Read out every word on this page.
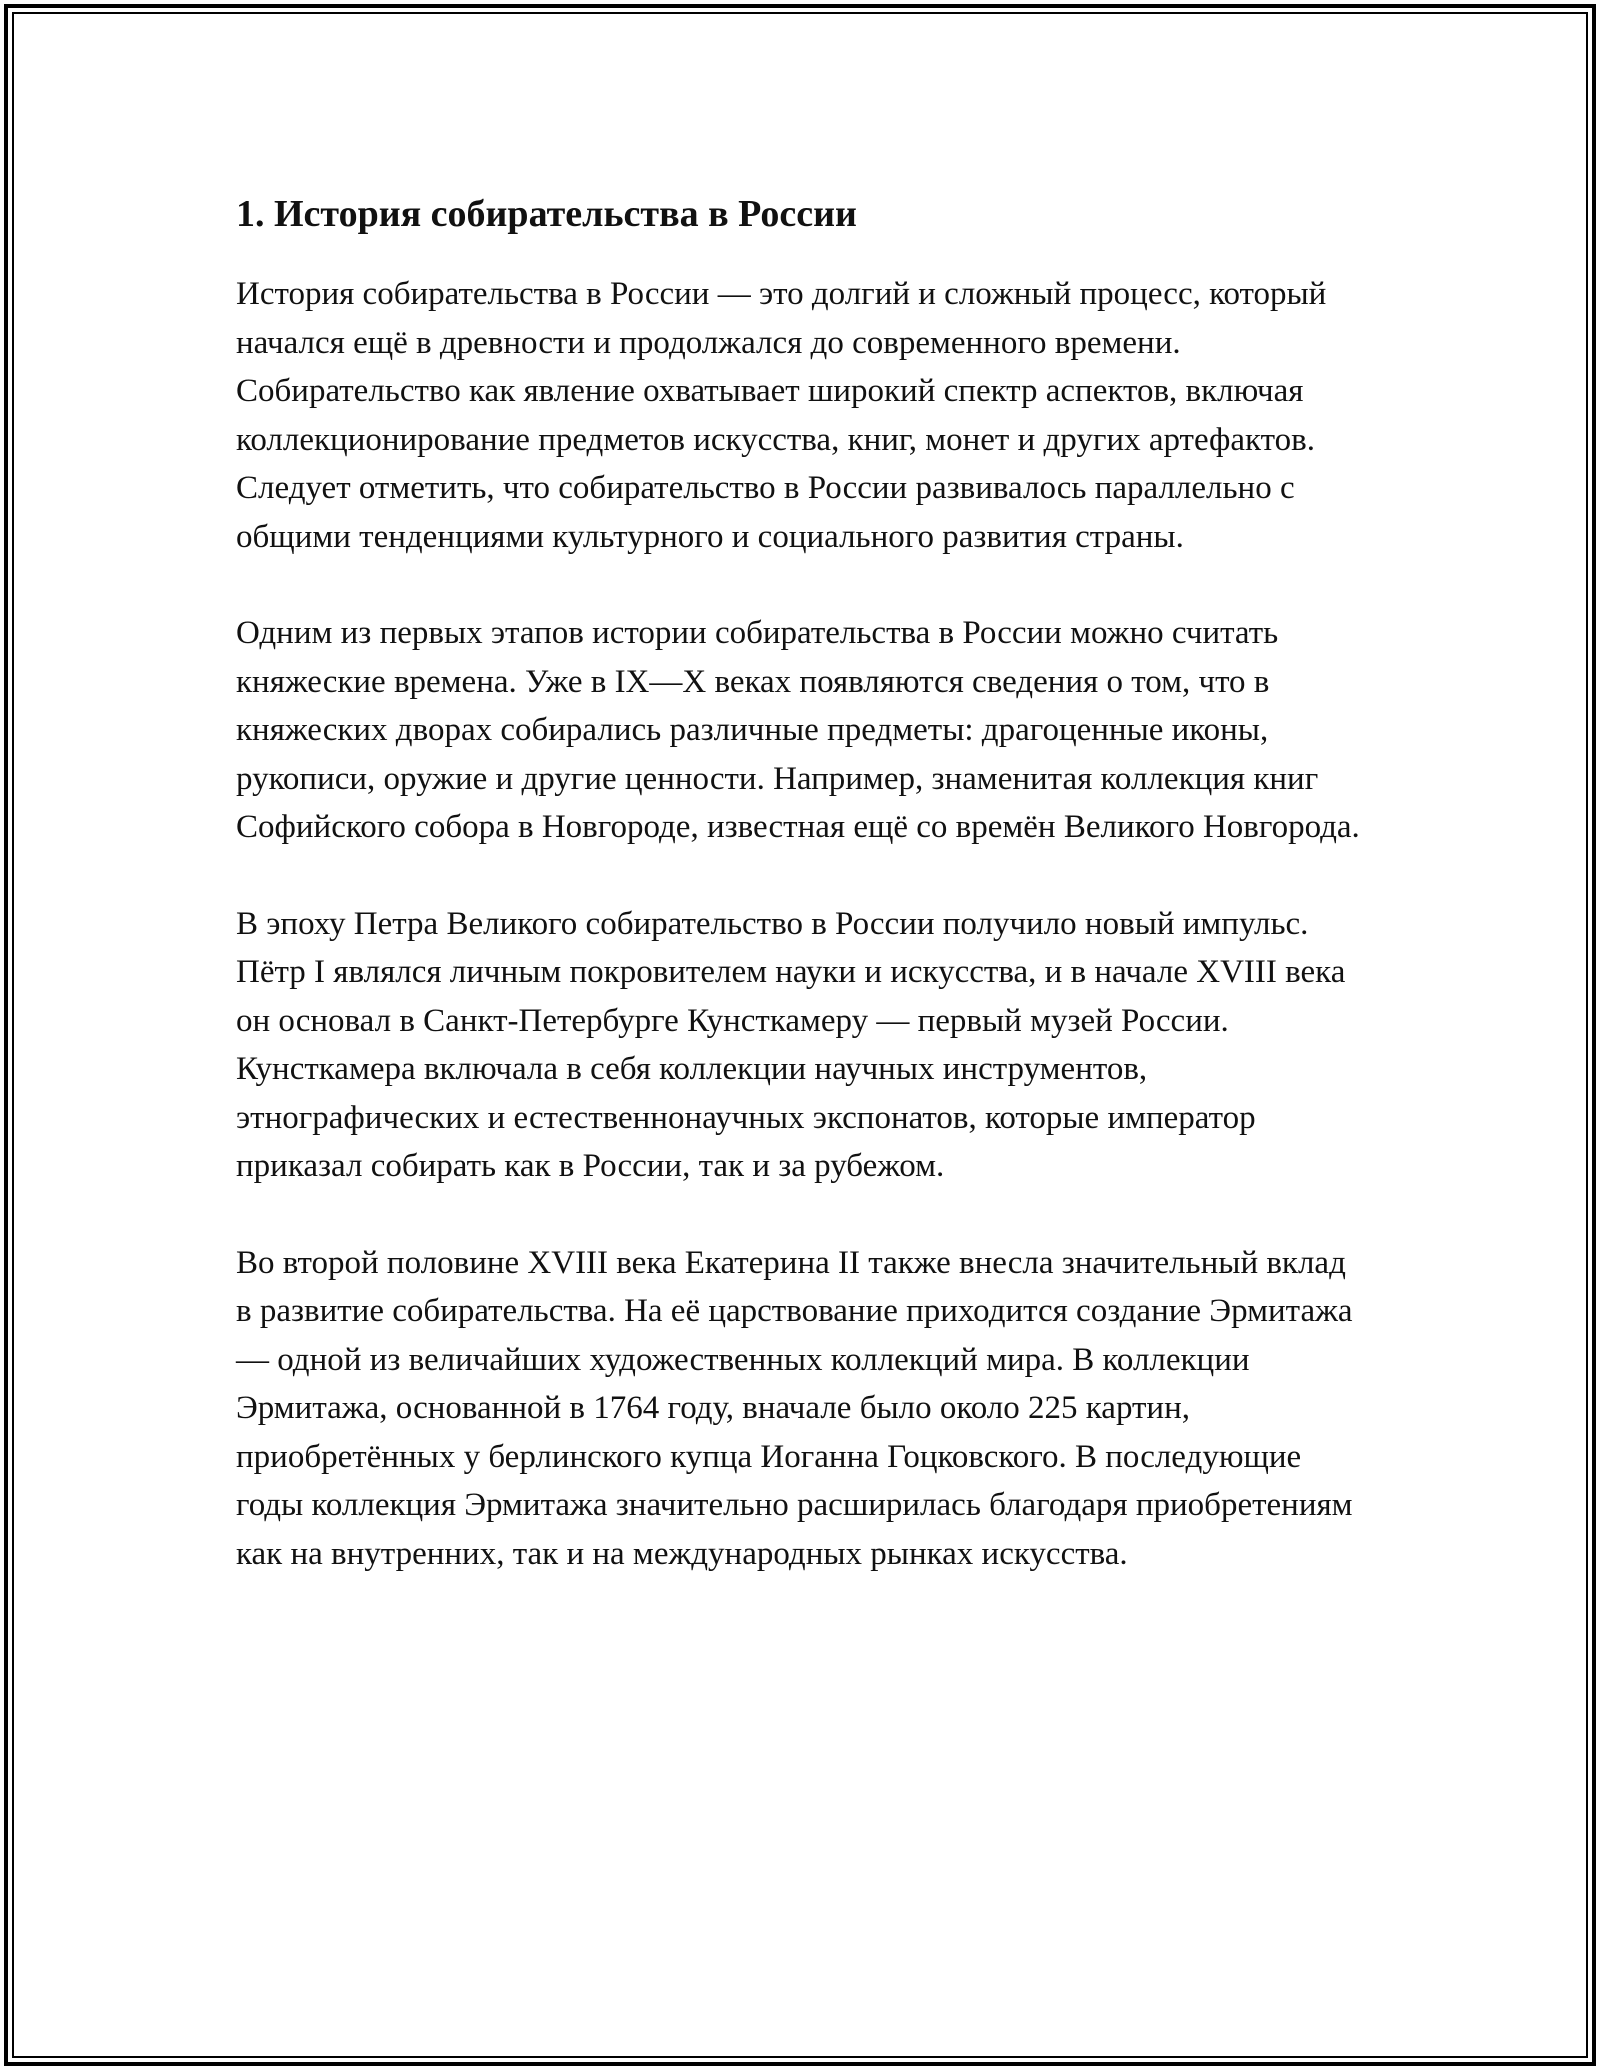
1. История собирательства в России

История собирательства в России — это долгий и сложный процесс, который начался ещё в древности и продолжался до современного времени. Собирательство как явление охватывает широкий спектр аспектов, включая коллекционирование предметов искусства, книг, монет и других артефактов. Следует отметить, что собирательство в России развивалось параллельно с общими тенденциями культурного и социального развития страны.

Одним из первых этапов истории собирательства в России можно считать княжеские времена. Уже в IX—X веках появляются сведения о том, что в княжеских дворах собирались различные предметы: драгоценные иконы, рукописи, оружие и другие ценности. Например, знаменитая коллекция книг Софийского собора в Новгороде, известная ещё со времён Великого Новгорода.

В эпоху Петра Великого собирательство в России получило новый импульс. Пётр I являлся личным покровителем науки и искусства, и в начале XVIII века он основал в Санкт-Петербурге Кунсткамеру — первый музей России. Кунсткамера включала в себя коллекции научных инструментов, этнографических и естественнонаучных экспонатов, которые император приказал собирать как в России, так и за рубежом.

Во второй половине XVIII века Екатерина II также внесла значительный вклад в развитие собирательства. На её царствование приходится создание Эрмитажа — одной из величайших художественных коллекций мира. В коллекции Эрмитажа, основанной в 1764 году, вначале было около 225 картин, приобретённых у берлинского купца Иоганна Гоцковского. В последующие годы коллекция Эрмитажа значительно расширилась благодаря приобретениям как на внутренних, так и на международных рынках искусства.
